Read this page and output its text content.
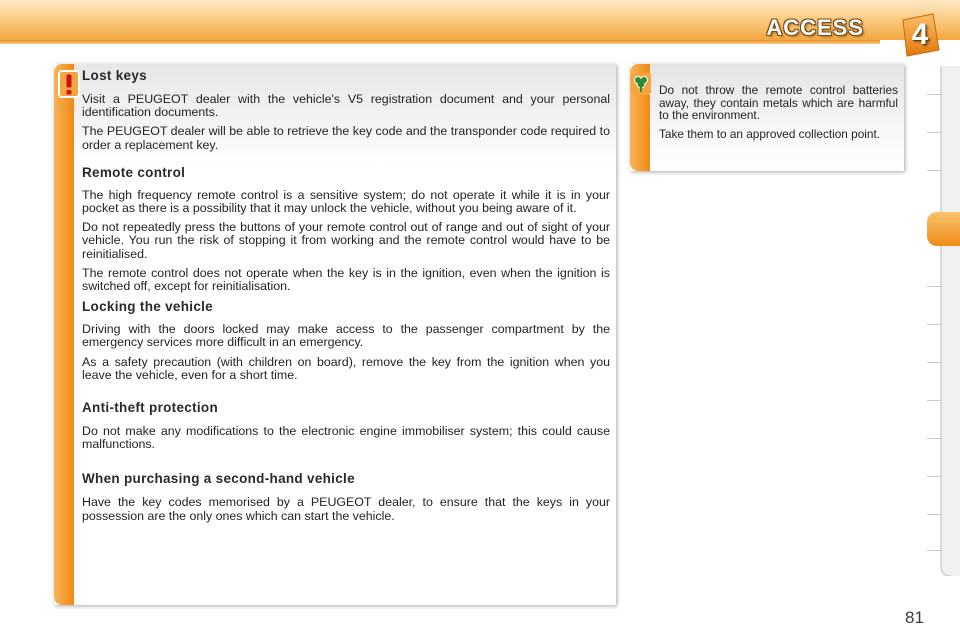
ACCESS	4
Lost keys
Visit a PEUGEOT dealer with the vehicle's V5 registration document and your personal identification documents.
The PEUGEOT dealer will be able to retrieve the key code and the transponder code required to order a replacement key.
Remote control
The high frequency remote control is a sensitive system; do not operate it while it is in your pocket as there is a possibility that it may unlock the vehicle, without you being aware of it.
Do not repeatedly press the buttons of your remote control out of range and out of sight of your vehicle. You run the risk of stopping it from working and the remote control would have to be reinitialised.
The remote control does not operate when the key is in the ignition, even when the ignition is switched off, except for reinitialisation.
Locking the vehicle
Driving with the doors locked may make access to the passenger compartment by the emergency services more difficult in an emergency.
As a safety precaution (with children on board), remove the key from the ignition when you leave the vehicle, even for a short time.
Anti-theft protection
Do not make any modifications to the electronic engine immobiliser system; this could cause malfunctions.
When purchasing a second-hand vehicle
Have the key codes memorised by a PEUGEOT dealer, to ensure that the keys in your possession are the only ones which can start the vehicle.
Do not throw the remote control batteries away, they contain metals which are harmful to the environment.
Take them to an approved collection point.
81
